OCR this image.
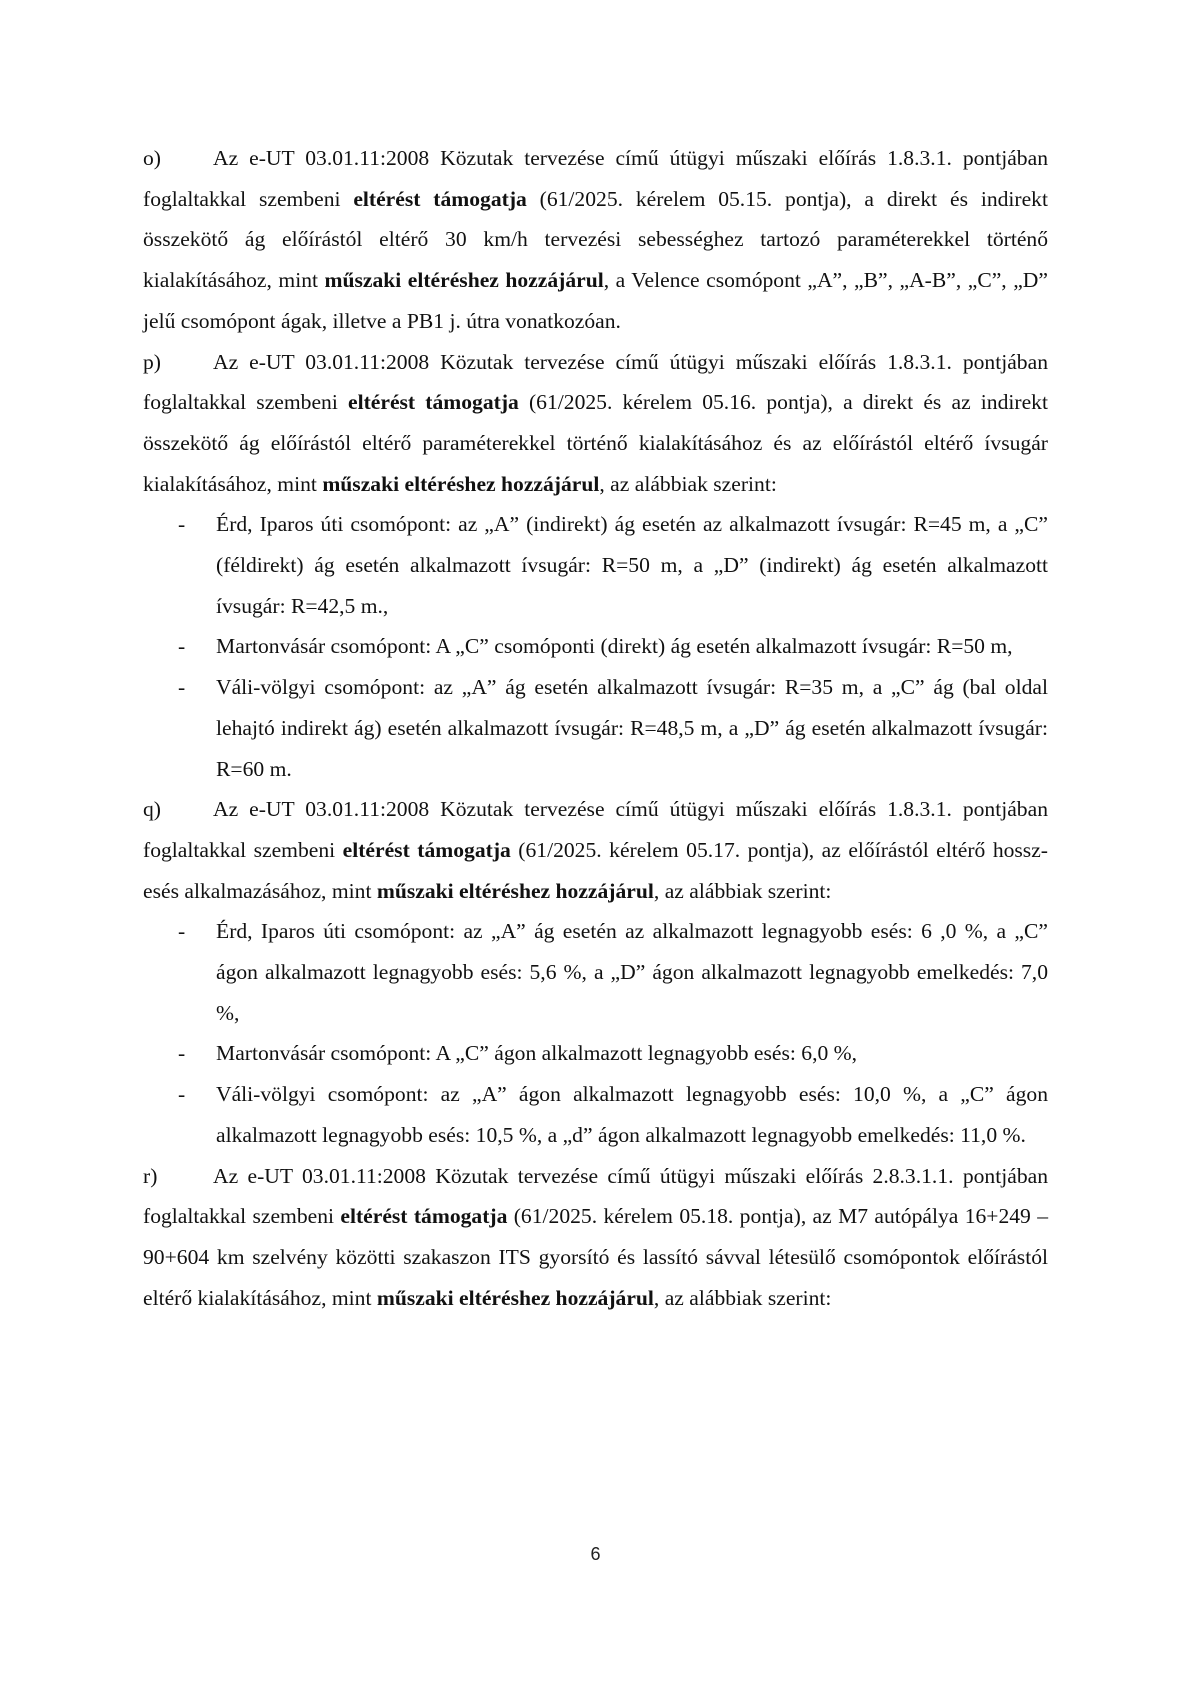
o) Az e-UT 03.01.11:2008 Közutak tervezése című útügyi műszaki előírás 1.8.3.1. pontjában foglaltakkal szembeni eltérést támogatja (61/2025. kérelem 05.15. pontja), a direkt és indirekt összekötő ág előírástól eltérő 30 km/h tervezési sebességhez tartozó paraméterekkel történő kialakításához, mint műszaki eltéréshez hozzájárul, a Velence csomópont „A”, „B”, „A-B”, „C”, „D” jelű csomópont ágak, illetve a PB1 j. útra vonatkozóan.

p) Az e-UT 03.01.11:2008 Közutak tervezése című útügyi műszaki előírás 1.8.3.1. pontjában foglaltakkal szembeni eltérést támogatja (61/2025. kérelem 05.16. pontja), a direkt és az indirekt összekötő ág előírástól eltérő paraméterekkel történő kialakításához és az előírástól eltérő ívsugár kialakításához, mint műszaki eltéréshez hozzájárul, az alábbiak szerint:

- Érd, Iparos úti csomópont: az „A” (indirekt) ág esetén az alkalmazott ívsugár: R=45 m, a „C” (féldirekt) ág esetén alkalmazott ívsugár: R=50 m, a „D” (indirekt) ág esetén alkalmazott ívsugár: R=42,5 m.,
- Martonvásár csomópont: A „C” csomóponti (direkt) ág esetén alkalmazott ívsugár: R=50 m,
- Váli-völgyi csomópont: az „A” ág esetén alkalmazott ívsugár: R=35 m, a „C” ág (bal oldal lehajtó indirekt ág) esetén alkalmazott ívsugár: R=48,5 m, a „D” ág esetén alkalmazott ívsugár: R=60 m.

q) Az e-UT 03.01.11:2008 Közutak tervezése című útügyi műszaki előírás 1.8.3.1. pontjában foglaltakkal szembeni eltérést támogatja (61/2025. kérelem 05.17. pontja), az előírástól eltérő hossz-esés alkalmazásához, mint műszaki eltéréshez hozzájárul, az alábbiak szerint:

- Érd, Iparos úti csomópont: az „A” ág esetén az alkalmazott legnagyobb esés: 6 ,0 %, a „C” ágon alkalmazott legnagyobb esés: 5,6 %, a „D” ágon alkalmazott legnagyobb emelkedés: 7,0 %,
- Martonvásár csomópont: A „C” ágon alkalmazott legnagyobb esés: 6,0 %,
- Váli-völgyi csomópont: az „A” ágon alkalmazott legnagyobb esés: 10,0 %, a „C” ágon alkalmazott legnagyobb esés: 10,5 %, a „d” ágon alkalmazott legnagyobb emelkedés: 11,0 %.

r)	Az e-UT 03.01.11:2008 Közutak tervezése című útügyi műszaki előírás 2.8.3.1.1. pontjában foglaltakkal szembeni eltérést támogatja (61/2025. kérelem 05.18. pontja), az M7 autópálya 16+249 – 90+604 km szelvény közötti szakaszon ITS gyorsító és lassító sávval létesülő csomópontok előírástól eltérő kialakításához, mint műszaki eltéréshez hozzájárul, az alábbiak szerint:

6
